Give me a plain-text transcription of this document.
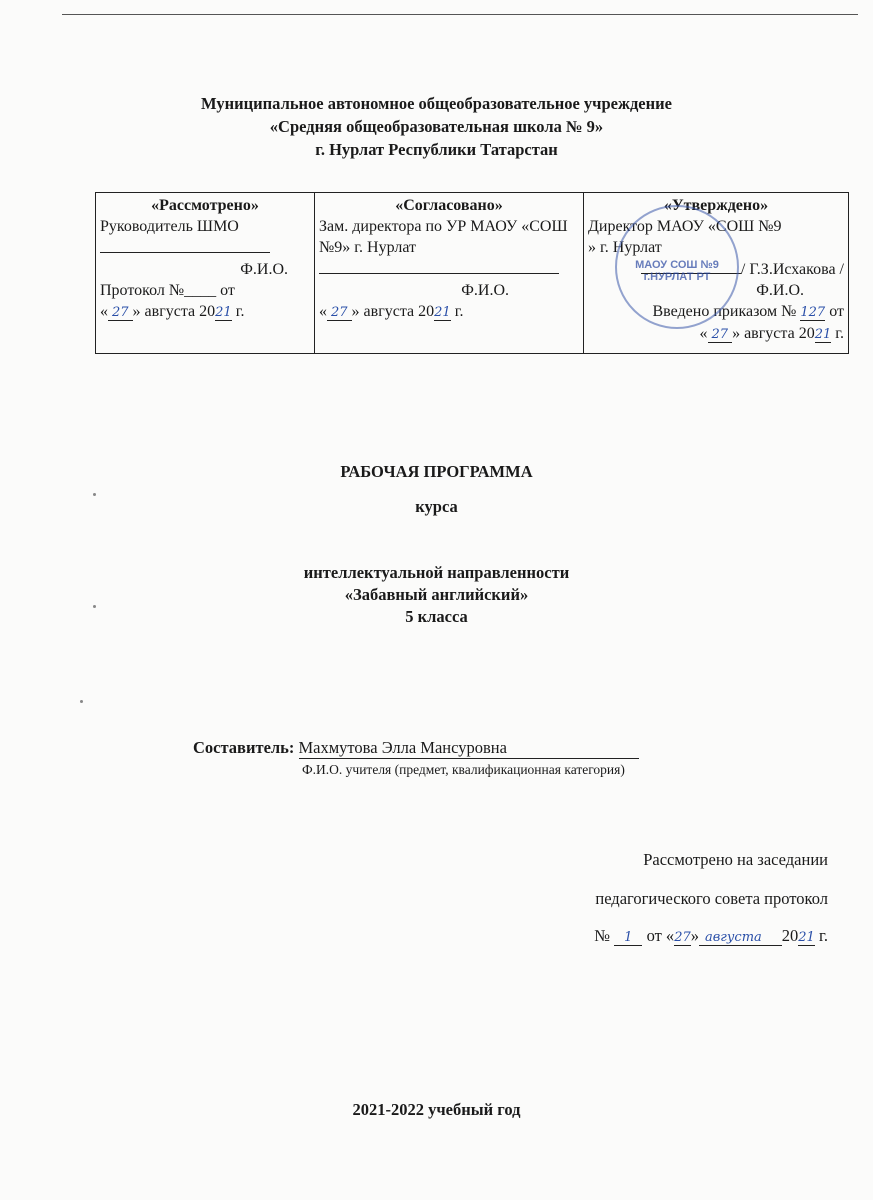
Муниципальное автономное общеобразовательное учреждение
«Средняя общеобразовательная школа № 9»
г. Нурлат Республики Татарстан
«Рассмотрено»
Руководитель ШМО
Ф.И.О.
Протокол №____ от
« 27 » августа 2021 г.
«Согласовано»
Зам. директора по УР МАОУ «СОШ №9» г. Нурлат
Ф.И.О.
« 27 » августа 2021 г.
«Утверждено»
Директор МАОУ «СОШ №9
» г. Нурлат
/ Г.З.Исхакова /
Ф.И.О.
Введено приказом № 127 от
« 27 » августа 2021 г.
МАОУ СОШ №9 г.НУРЛАТ РТ
РАБОЧАЯ ПРОГРАММА
курса
интеллектуальной направленности
«Забавный английский»
5 класса
Составитель: Махмутова Элла Мансуровна
Ф.И.О. учителя (предмет, квалификационная категория)
Рассмотрено на заседании
педагогического совета протокол
№ 1 от «27» августа 2021 г.
2021-2022 учебный год
